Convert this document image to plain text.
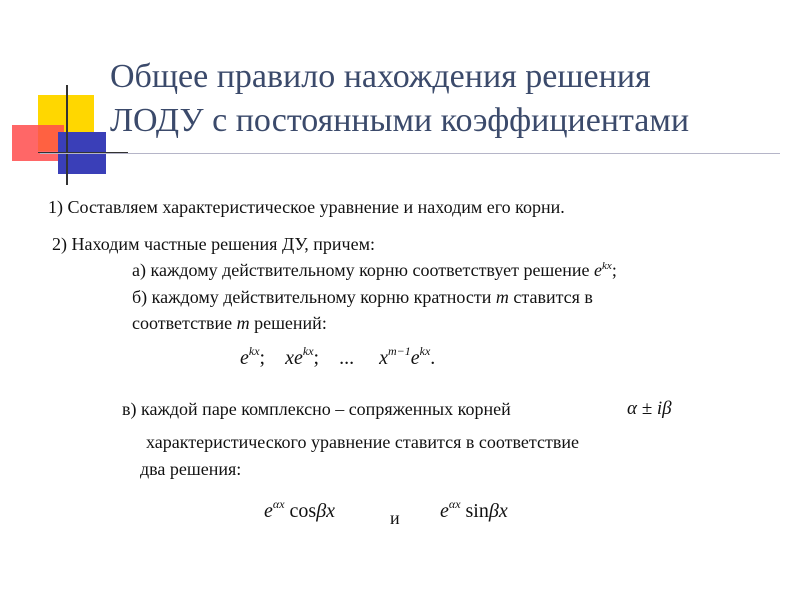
Общее правило нахождения решения
ЛОДУ с постоянными коэффициентами
1) Составляем характеристическое уравнение и находим его корни.
2) Находим частные решения ДУ, причем:
а) каждому действительному корню соответствует решение $e^{kx}$;
б) каждому действительному корню кратности m ставится в
соответствие m решений:
$e^{kx}$; $xe^{kx}$; ... $x^{m-1}e^{kx}$.
в) каждой паре комплексно – сопряженных корней	α ± iβ
характеристического уравнение ставится в соответствие
два решения:
$e^{\alpha x}$ cosβx	и $e^{\alpha x}$ sinβx
